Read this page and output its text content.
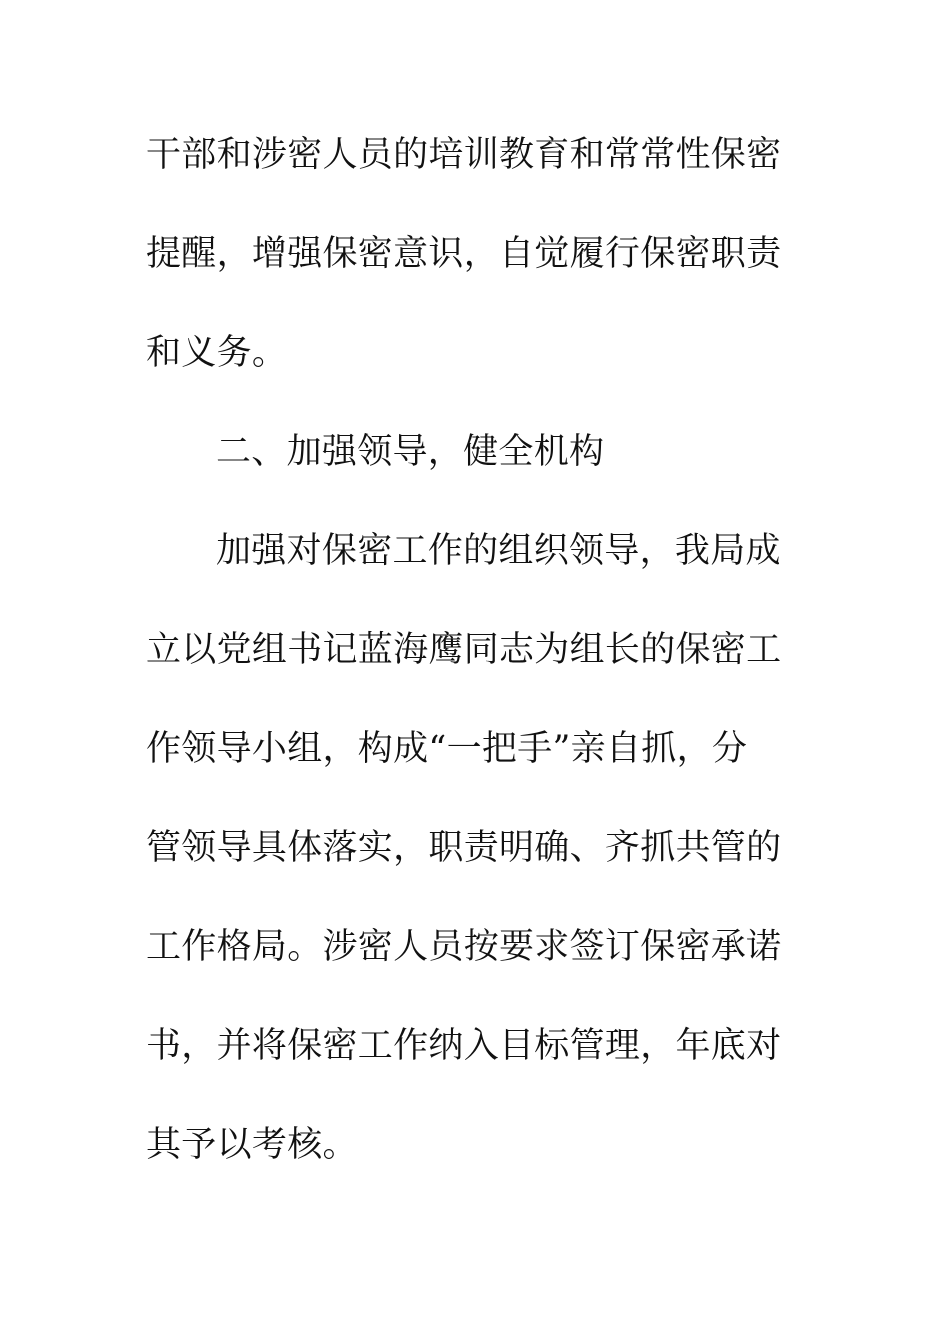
干部和涉密人员的培训教育和常常性保密
提醒，增强保密意识，自觉履行保密职责
和义务。
二、加强领导，健全机构
加强对保密工作的组织领导，我局成
立以党组书记蓝海鹰同志为组长的保密工
作领导小组，构成“一把手”亲自抓，分
管领导具体落实，职责明确、齐抓共管的
工作格局。涉密人员按要求签订保密承诺
书，并将保密工作纳入目标管理，年底对
其予以考核。
